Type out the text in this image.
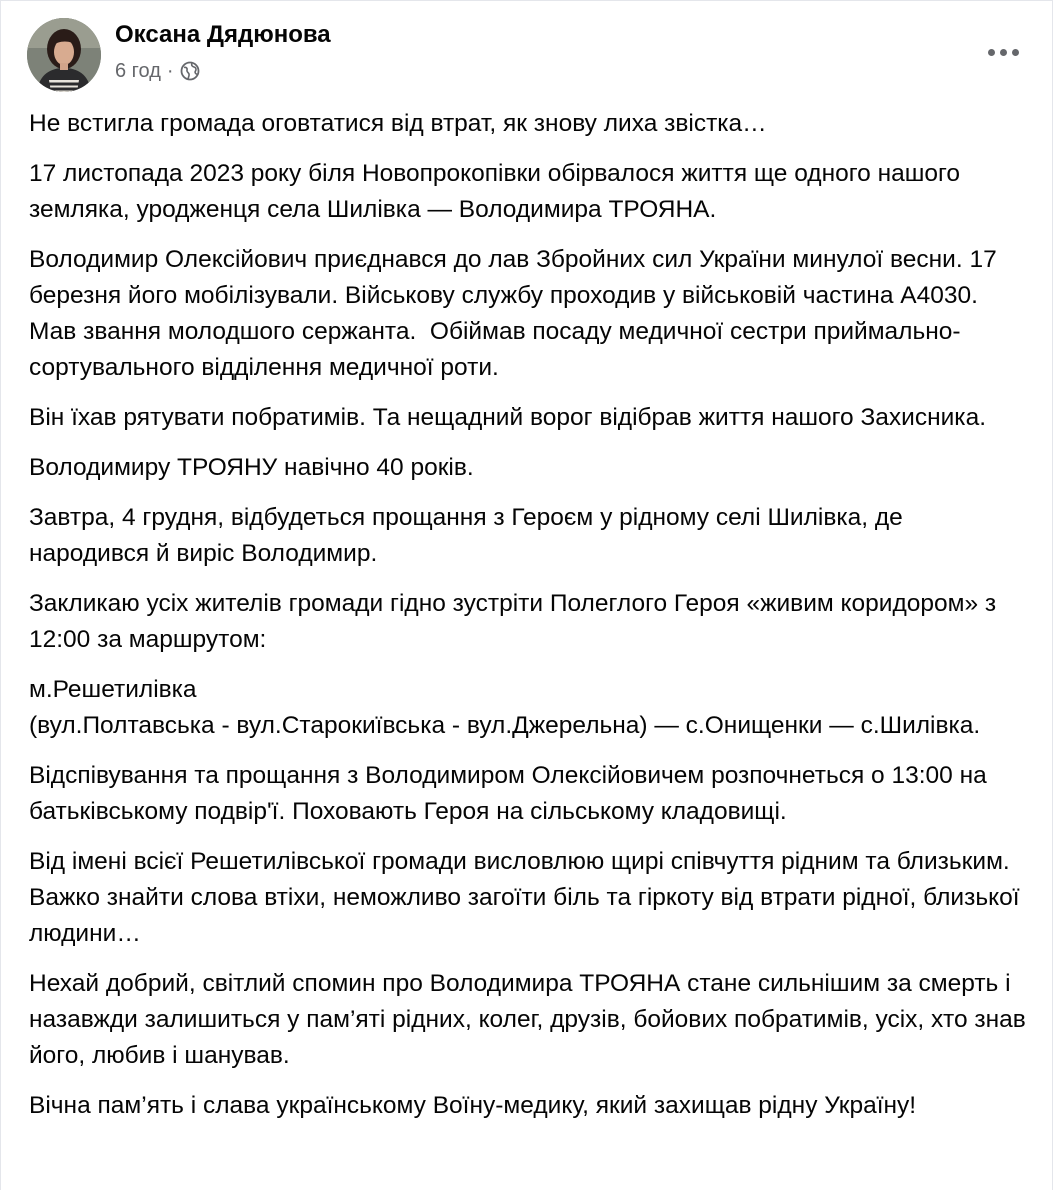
Оксана Дядюнова
6 год ·

Не встигла громада оговтатися від втрат, як знову лиха звістка…

17 листопада 2023 року біля Новопрокопівки обірвалося життя ще одного нашого земляка, уродженця села Шилівка — Володимира ТРОЯНА.

Володимир Олексійович приєднався до лав Збройних сил України минулої весни. 17 березня його мобілізували. Військову службу проходив у військовій частина А4030. Мав звання молодшого сержанта.  Обіймав посаду медичної сестри приймально-сортувального відділення медичної роти.

Він їхав рятувати побратимів. Та нещадний ворог відібрав життя нашого Захисника.

Володимиру ТРОЯНУ навічно 40 років.

Завтра, 4 грудня, відбудеться прощання з Героєм у рідному селі Шилівка, де народився й виріс Володимир.

Закликаю усіх жителів громади гідно зустріти Полеглого Героя «живим коридором» з 12:00 за маршрутом:

м.Решетилівка
(вул.Полтавська - вул.Старокиївська - вул.Джерельна) — с.Онищенки — с.Шилівка.

Відспівування та прощання з Володимиром Олексійовичем розпочнеться о 13:00 на батьківському подвір'ї. Поховають Героя на сільському кладовищі.

Від імені всієї Решетилівської громади висловлюю щирі співчуття рідним та близьким. Важко знайти слова втіхи, неможливо загоїти біль та гіркоту від втрати рідної, близької людини…

Нехай добрий, світлий спомин про Володимира ТРОЯНА стане сильнішим за смерть і назавжди залишиться у пам’яті рідних, колег, друзів, бойових побратимів, усіх, хто знав його, любив і шанував.

Вічна пам’ять і слава українському Воїну-медику, який захищав рідну Україну!
